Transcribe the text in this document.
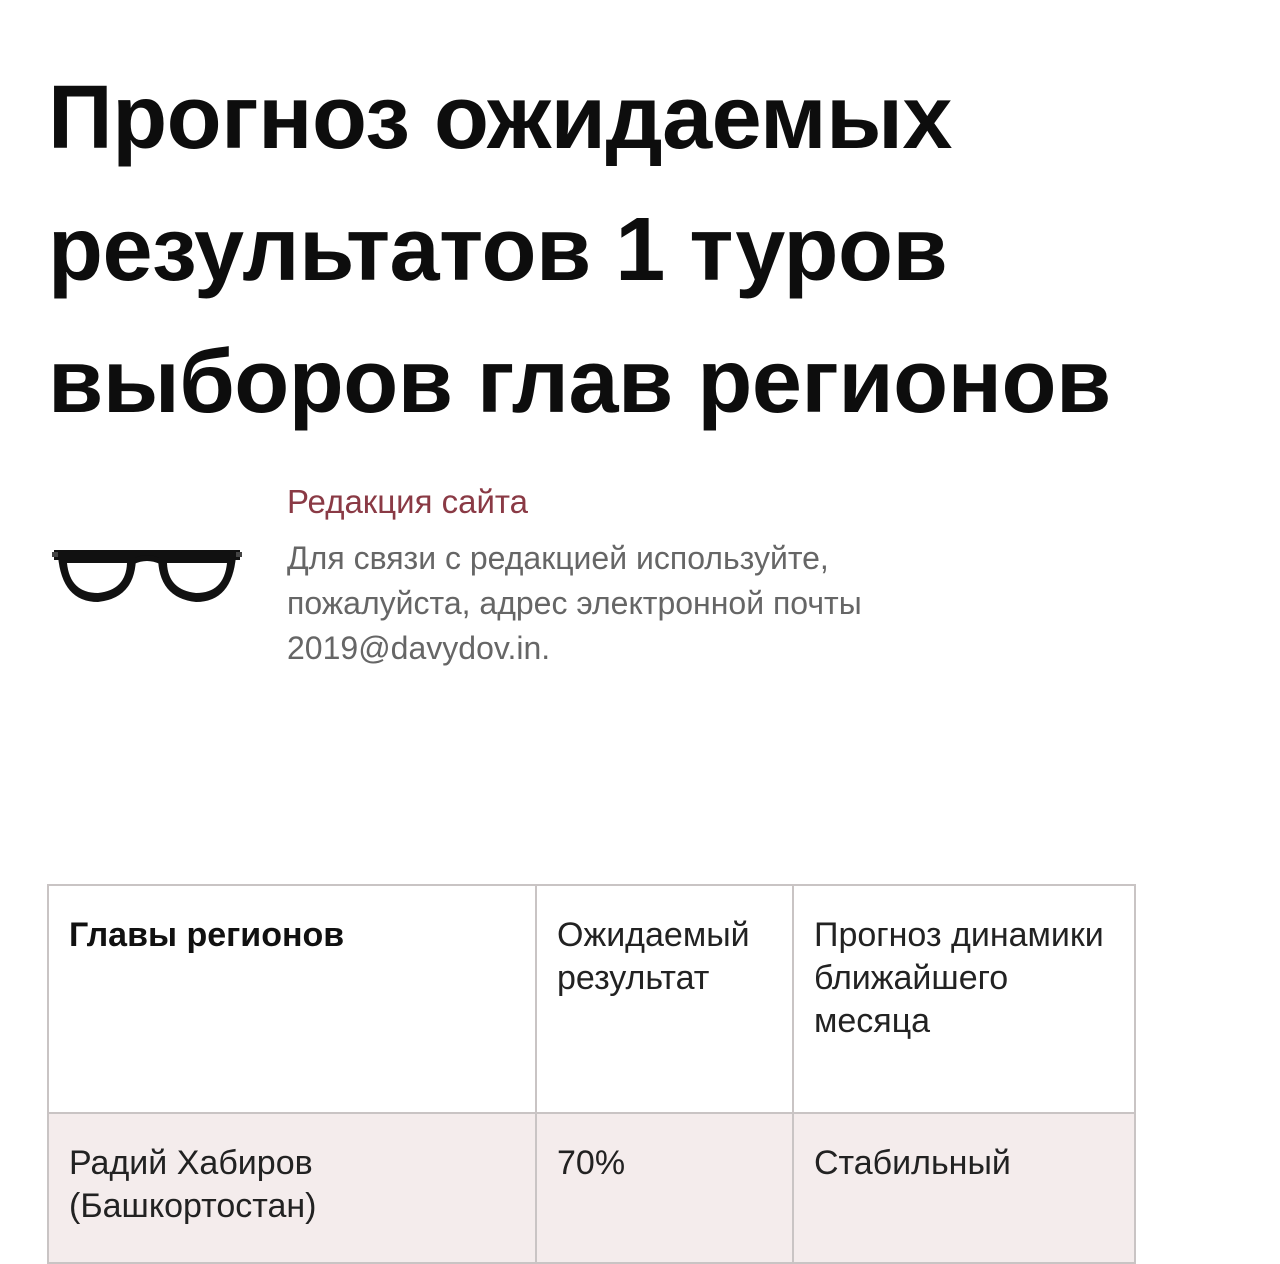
Прогноз ожидаемых результатов 1 туров выборов глав регионов
Редакция сайта
Для связи с редакцией используйте, пожалуйста, адрес электронной почты 2019@davydov.in.
Главы регионов	Ожидаемый результат	Прогноз динамики ближайшего месяца
Радий Хабиров (Башкортостан)	70%	Стабильный
